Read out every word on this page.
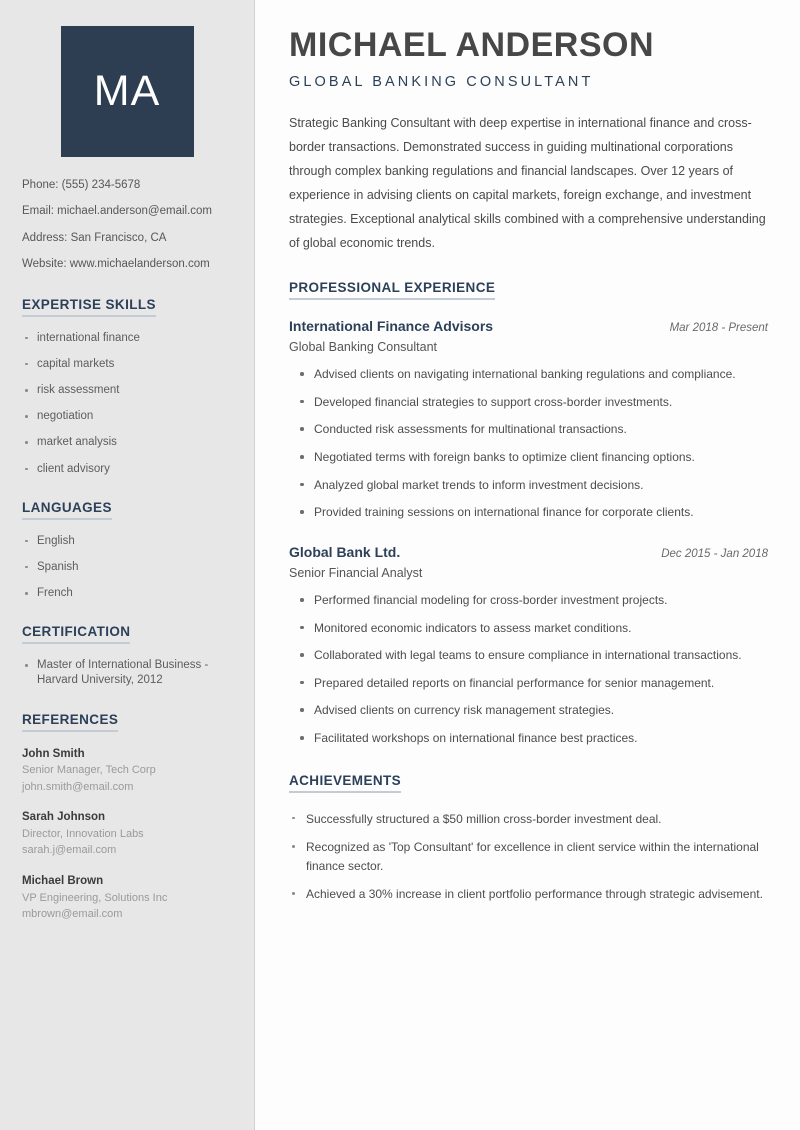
MA
Phone: (555) 234-5678
Email: michael.anderson@email.com
Address: San Francisco, CA
Website: www.michaelanderson.com
EXPERTISE SKILLS
international finance
capital markets
risk assessment
negotiation
market analysis
client advisory
LANGUAGES
English
Spanish
French
CERTIFICATION
Master of International Business - Harvard University, 2012
REFERENCES
John Smith
Senior Manager, Tech Corp
john.smith@email.com
Sarah Johnson
Director, Innovation Labs
sarah.j@email.com
Michael Brown
VP Engineering, Solutions Inc
mbrown@email.com
MICHAEL ANDERSON
GLOBAL BANKING CONSULTANT

Strategic Banking Consultant with deep expertise in international finance and cross-border transactions. Demonstrated success in guiding multinational corporations through complex banking regulations and financial landscapes. Over 12 years of experience in advising clients on capital markets, foreign exchange, and investment strategies. Exceptional analytical skills combined with a comprehensive understanding of global economic trends.

PROFESSIONAL EXPERIENCE
International Finance Advisors	Mar 2018 - Present
Global Banking Consultant
Advised clients on navigating international banking regulations and compliance.
Developed financial strategies to support cross-border investments.
Conducted risk assessments for multinational transactions.
Negotiated terms with foreign banks to optimize client financing options.
Analyzed global market trends to inform investment decisions.
Provided training sessions on international finance for corporate clients.
Global Bank Ltd.	Dec 2015 - Jan 2018
Senior Financial Analyst
Performed financial modeling for cross-border investment projects.
Monitored economic indicators to assess market conditions.
Collaborated with legal teams to ensure compliance in international transactions.
Prepared detailed reports on financial performance for senior management.
Advised clients on currency risk management strategies.
Facilitated workshops on international finance best practices.
ACHIEVEMENTS
Successfully structured a $50 million cross-border investment deal.
Recognized as 'Top Consultant' for excellence in client service within the international finance sector.
Achieved a 30% increase in client portfolio performance through strategic advisement.
